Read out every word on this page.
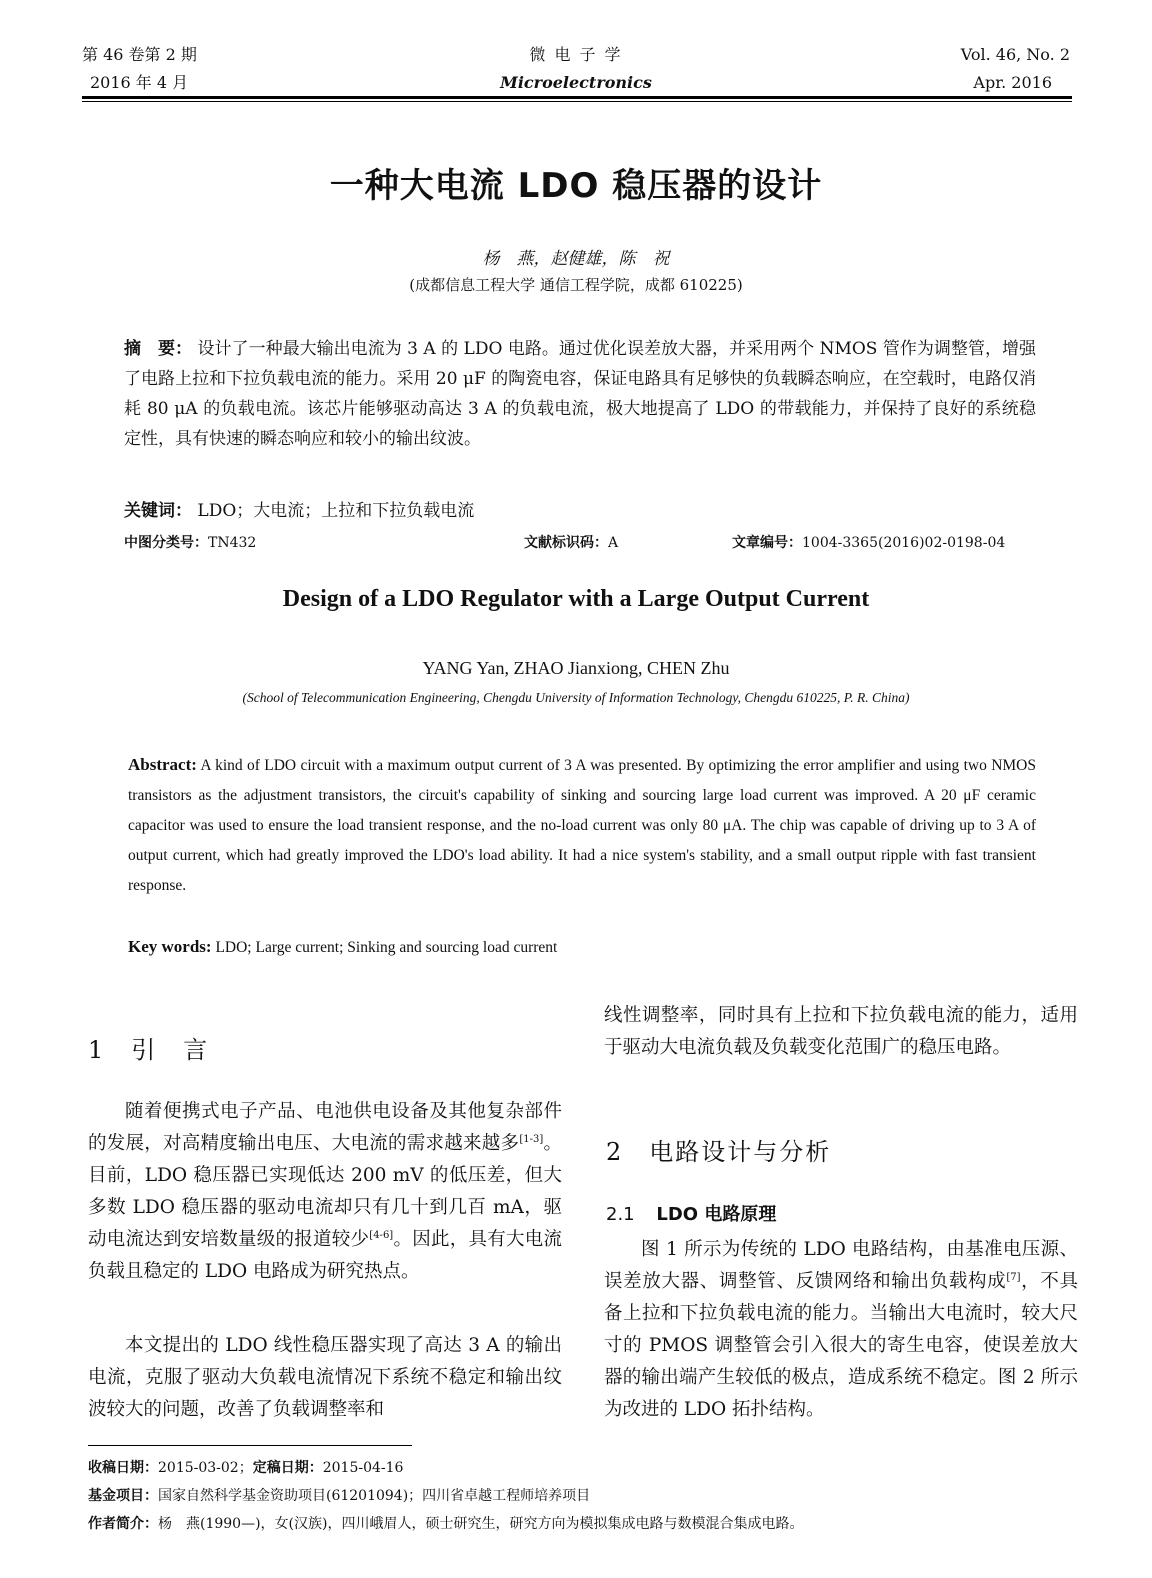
第 46 卷第 2 期
2016 年 4 月
微 电 子 学
Microelectronics
Vol. 46, No. 2
Apr. 2016
一种大电流 LDO 稳压器的设计
杨　燕，赵健雄，陈　祝
(成都信息工程大学 通信工程学院，成都 610225)
摘　要： 设计了一种最大输出电流为 3 A 的 LDO 电路。通过优化误差放大器，并采用两个 NMOS 管作为调整管，增强了电路上拉和下拉负载电流的能力。采用 20 μF 的陶瓷电容，保证电路具有足够快的负载瞬态响应，在空载时，电路仅消耗 80 μA 的负载电流。该芯片能够驱动高达 3 A 的负载电流，极大地提高了 LDO 的带载能力，并保持了良好的系统稳定性，具有快速的瞬态响应和较小的输出纹波。
关键词： LDO；大电流；上拉和下拉负载电流
中图分类号：TN432	文献标识码：A	文章编号：1004-3365(2016)02-0198-04
Design of a LDO Regulator with a Large Output Current
YANG Yan, ZHAO Jianxiong, CHEN Zhu
(School of Telecommunication Engineering, Chengdu University of Information Technology, Chengdu 610225, P. R. China)
Abstract: A kind of LDO circuit with a maximum output current of 3 A was presented. By optimizing the error amplifier and using two NMOS transistors as the adjustment transistors, the circuit's capability of sinking and sourcing large load current was improved. A 20 μF ceramic capacitor was used to ensure the load transient response, and the no-load current was only 80 μA. The chip was capable of driving up to 3 A of output current, which had greatly improved the LDO's load ability. It had a nice system's stability, and a small output ripple with fast transient response.
Key words: LDO; Large current; Sinking and sourcing load current
1　引　言
随着便携式电子产品、电池供电设备及其他复杂部件的发展，对高精度输出电压、大电流的需求越来越多[1-3]。目前，LDO 稳压器已实现低达 200 mV 的低压差，但大多数 LDO 稳压器的驱动电流却只有几十到几百 mA，驱动电流达到安培数量级的报道较少[4-6]。因此，具有大电流负载且稳定的 LDO 电路成为研究热点。
本文提出的 LDO 线性稳压器实现了高达 3 A 的输出电流，克服了驱动大负载电流情况下系统不稳定和输出纹波较大的问题，改善了负载调整率和
线性调整率，同时具有上拉和下拉负载电流的能力，适用于驱动大电流负载及负载变化范围广的稳压电路。
2　电路设计与分析
2.1 LDO 电路原理
图 1 所示为传统的 LDO 电路结构，由基准电压源、误差放大器、调整管、反馈网络和输出负载构成[7]，不具备上拉和下拉负载电流的能力。当输出大电流时，较大尺寸的 PMOS 调整管会引入很大的寄生电容，使误差放大器的输出端产生较低的极点，造成系统不稳定。图 2 所示为改进的 LDO 拓扑结构。
收稿日期：2015-03-02；定稿日期：2015-04-16
基金项目：国家自然科学基金资助项目(61201094)；四川省卓越工程师培养项目
作者简介：杨　燕(1990—)，女(汉族)，四川峨眉人，硕士研究生，研究方向为模拟集成电路与数模混合集成电路。
